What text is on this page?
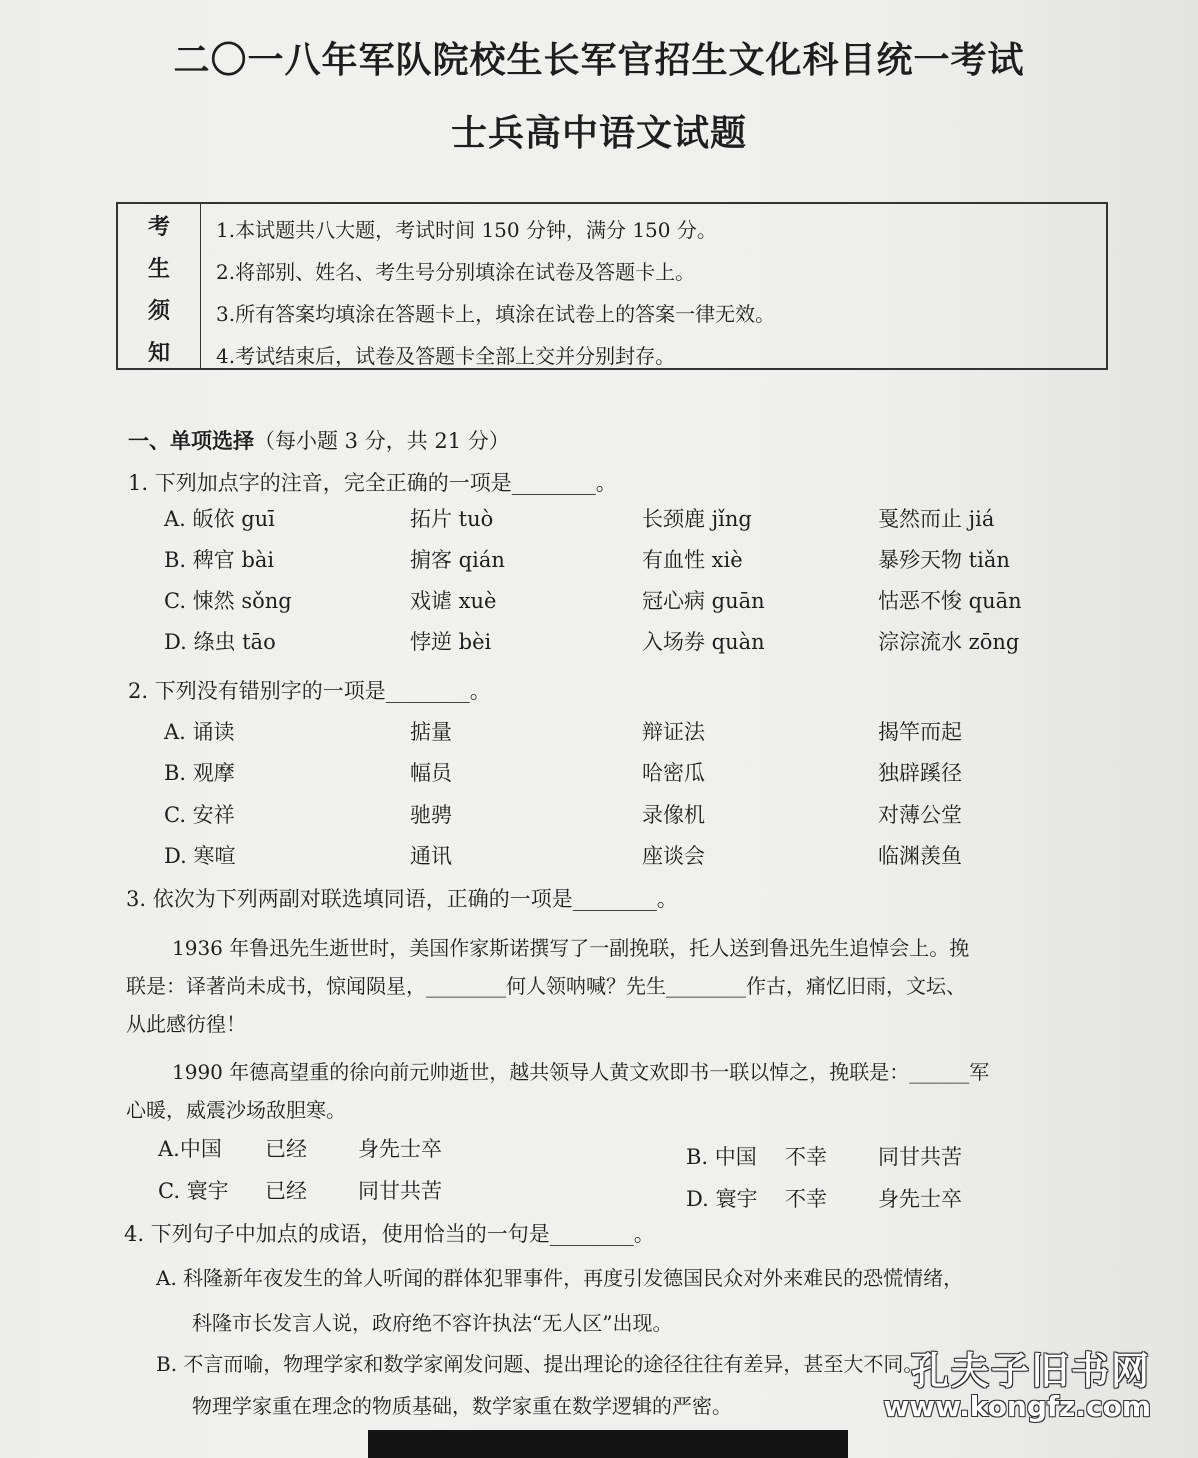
二〇一八年军队院校生长军官招生文化科目统一考试
士兵高中语文试题
考
生
须
知
1.本试题共八大题，考试时间 150 分钟，满分 150 分。
2.将部别、姓名、考生号分别填涂在试卷及答题卡上。
3.所有答案均填涂在答题卡上，填涂在试卷上的答案一律无效。
4.考试结束后，试卷及答题卡全部上交并分别封存。
一、单项选择（每小题 3 分，共 21 分）
1. 下列加点字的注音，完全正确的一项是________。
A. 皈依 guī	拓片 tuò	长颈鹿 jǐng	戛然而止 jiá
B. 稗官 bài	掮客 qián	有血性 xiè	暴殄天物 tiǎn
C. 悚然 sǒng	戏谑 xuè	冠心病 guān	怙恶不悛 quān
D. 绦虫 tāo	悖逆 bèi	入场券 quàn	淙淙流水 zōng
2. 下列没有错别字的一项是________。
A. 诵读	掂量	辩证法	揭竿而起
B. 观摩	幅员	哈密瓜	独辟蹊径
C. 安祥	驰骋	录像机	对薄公堂
D. 寒喧	通讯	座谈会	临渊羡鱼
3. 依次为下列两副对联选填同语，正确的一项是________。
1936 年鲁迅先生逝世时，美国作家斯诺撰写了一副挽联，托人送到鲁迅先生追悼会上。挽
联是：译著尚未成书，惊闻陨星，________何人领呐喊？先生________作古，痛忆旧雨，文坛、
从此感彷徨！
1990 年德高望重的徐向前元帅逝世，越共领导人黄文欢即书一联以悼之，挽联是：______军
心暖，威震沙场敌胆寒。
A.中国 已经 身先士卒	B. 中国 不幸 同甘共苦
C. 寰宇 已经 同甘共苦	D. 寰宇 不幸 身先士卒
4. 下列句子中加点的成语，使用恰当的一句是________。
A. 科隆新年夜发生的耸人听闻的群体犯罪事件，再度引发德国民众对外来难民的恐慌情绪，
科隆市长发言人说，政府绝不容许执法“无人区”出现。
B. 不言而喻，物理学家和数学家阐发问题、提出理论的途径往往有差异，甚至大不同。
物理学家重在理念的物质基础，数学家重在数学逻辑的严密。
孔夫子旧书网
www.kongfz.com
